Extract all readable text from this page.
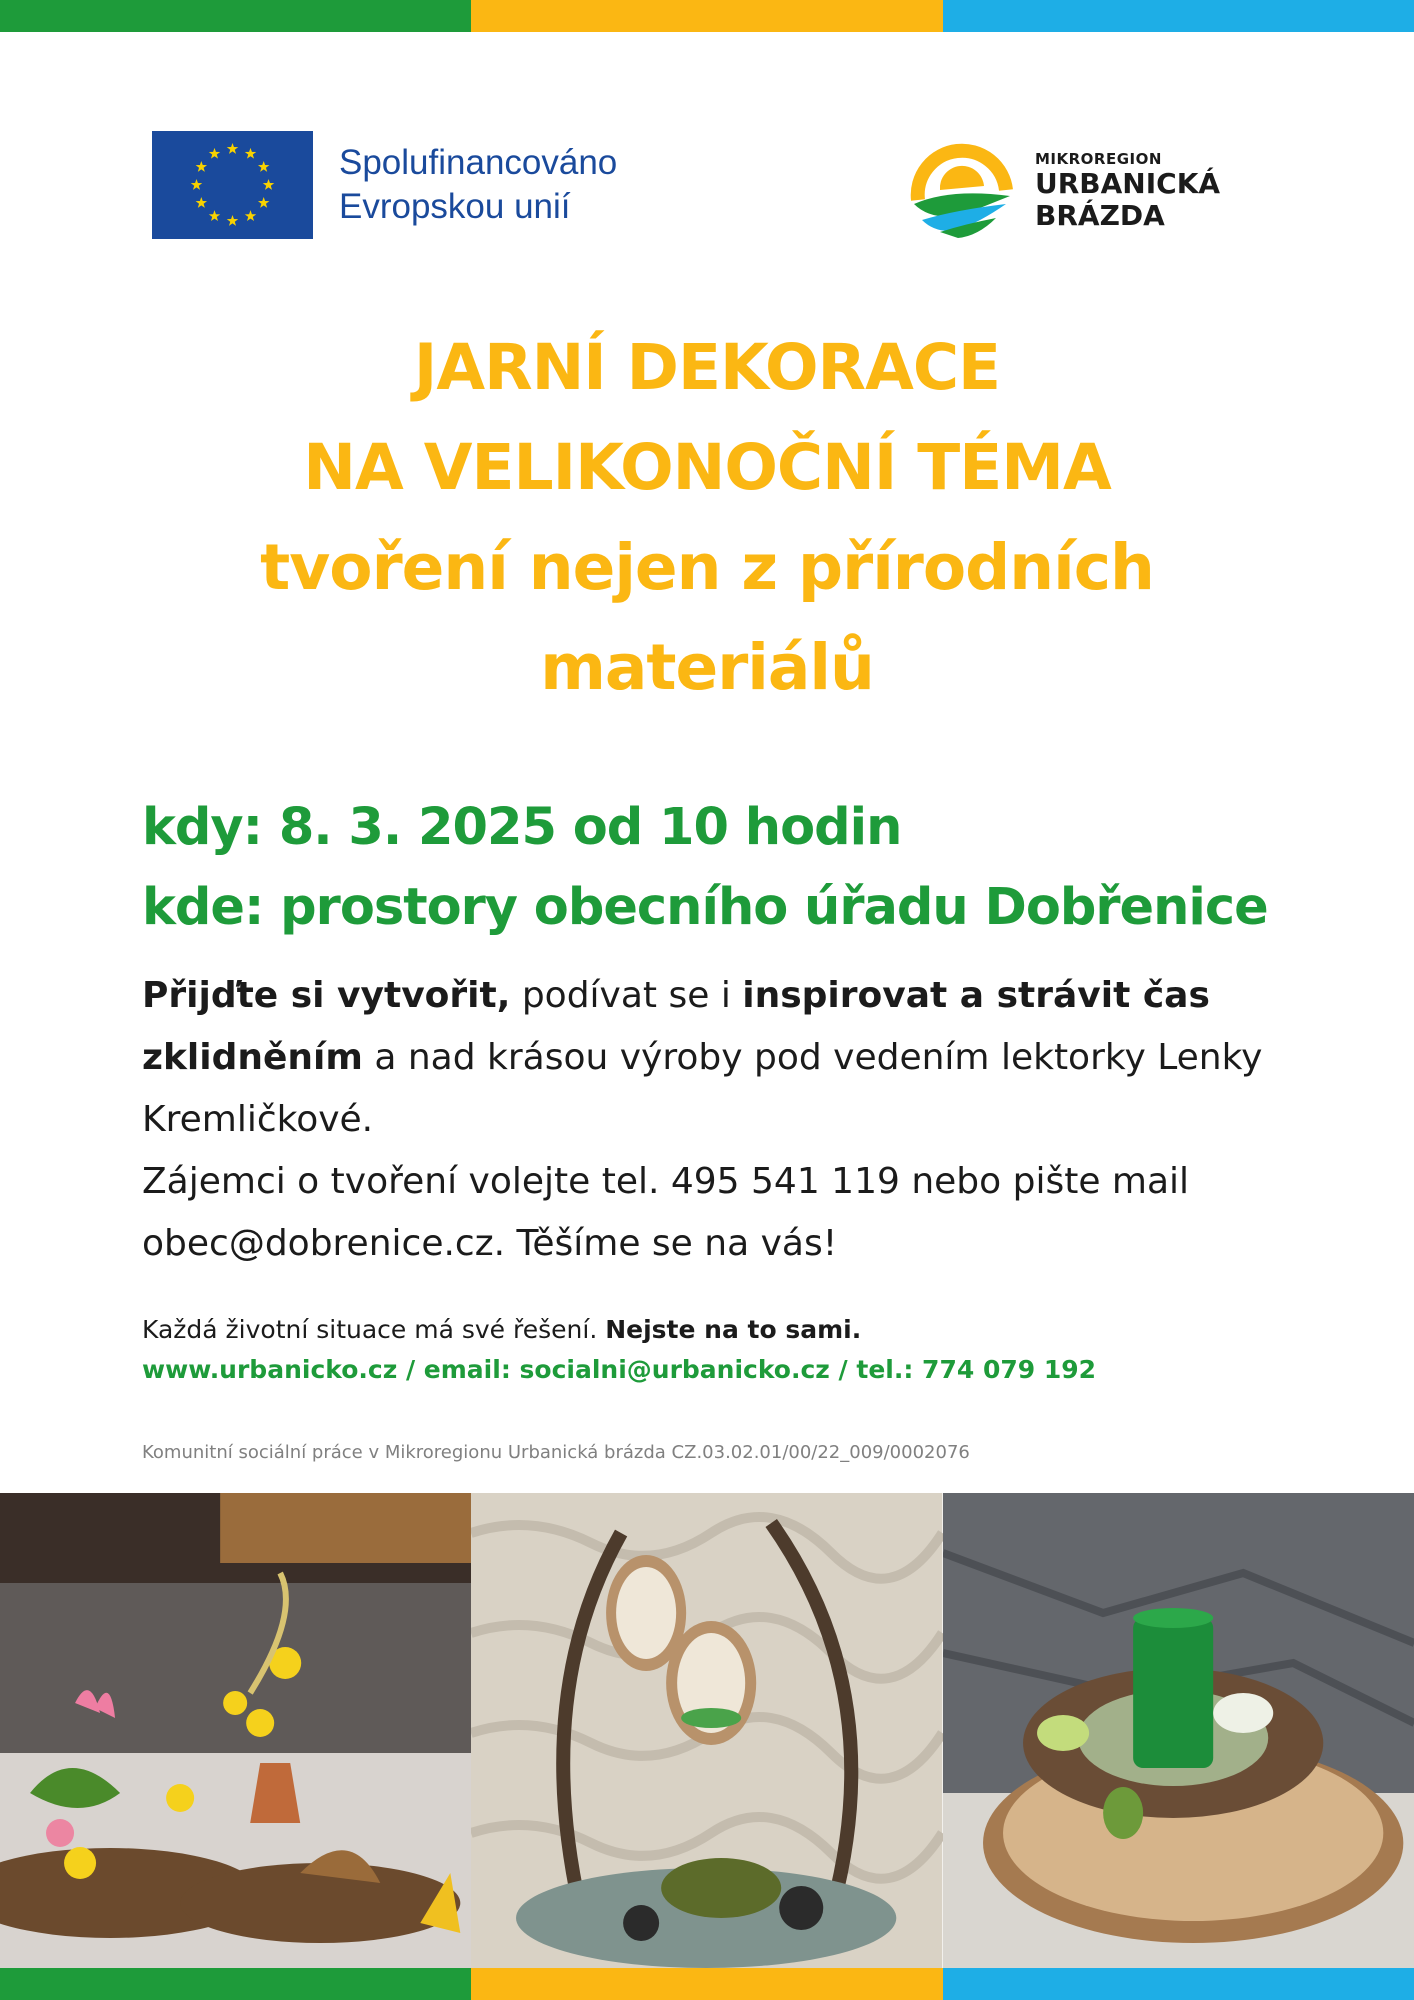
Spolufinancováno
Evropskou unií
MIKROREGION
URBANICKÁ
BRÁZDA
JARNÍ DEKORACE
NA VELIKONOČNÍ TÉMA
tvoření nejen z přírodních
materiálů
kdy: 8. 3. 2025 od 10 hodin
kde: prostory obecního úřadu Dobřenice
Přijďte si vytvořit, podívat se i inspirovat a strávit čas zklidněním a nad krásou výroby pod vedením lektorky Lenky Kremličkové.
Zájemci o tvoření volejte tel. 495 541 119 nebo pište mail obec@dobrenice.cz. Těšíme se na vás!
Každá životní situace má své řešení. Nejste na to sami.
www.urbanicko.cz / email: socialni@urbanicko.cz / tel.: 774 079 192
Komunitní sociální práce v Mikroregionu Urbanická brázda CZ.03.02.01/00/22_009/0002076
